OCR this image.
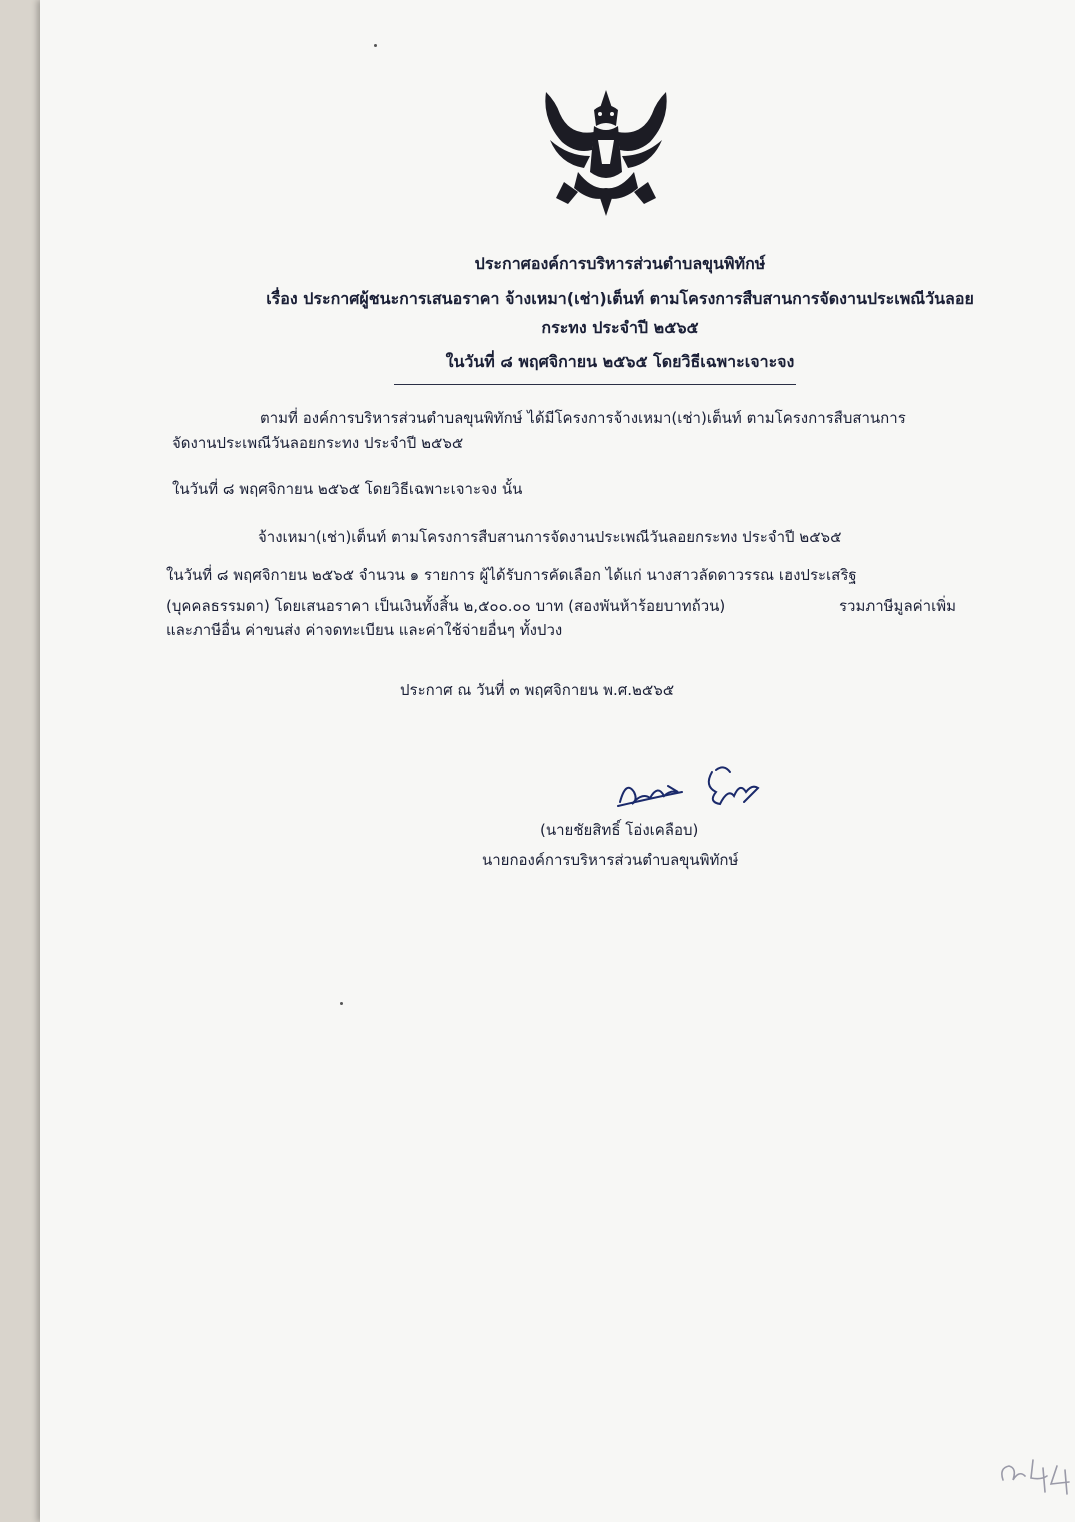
ประกาศองค์การบริหารส่วนตำบลขุนพิทักษ์
เรื่อง ประกาศผู้ชนะการเสนอราคา จ้างเหมา(เช่า)เต็นท์ ตามโครงการสืบสานการจัดงานประเพณีวันลอย
กระทง ประจำปี ๒๕๖๕
ในวันที่ ๘ พฤศจิกายน ๒๕๖๕ โดยวิธีเฉพาะเจาะจง
ตามที่ องค์การบริหารส่วนตำบลขุนพิทักษ์ ได้มีโครงการจ้างเหมา(เช่า)เต็นท์ ตามโครงการสืบสานการ
จัดงานประเพณีวันลอยกระทง ประจำปี ๒๕๖๕
ในวันที่ ๘ พฤศจิกายน ๒๕๖๕ โดยวิธีเฉพาะเจาะจง นั้น
จ้างเหมา(เช่า)เต็นท์ ตามโครงการสืบสานการจัดงานประเพณีวันลอยกระทง ประจำปี ๒๕๖๕
ในวันที่ ๘ พฤศจิกายน ๒๕๖๕ จำนวน ๑ รายการ ผู้ได้รับการคัดเลือก ได้แก่ นางสาวลัดดาวรรณ เฮงประเสริฐ
(บุคคลธรรมดา) โดยเสนอราคา เป็นเงินทั้งสิ้น ๒,๕๐๐.๐๐ บาท (สองพันห้าร้อยบาทถ้วน)	รวมภาษีมูลค่าเพิ่ม
และภาษีอื่น ค่าขนส่ง ค่าจดทะเบียน และค่าใช้จ่ายอื่นๆ ทั้งปวง
ประกาศ ณ วันที่ ๓ พฤศจิกายน พ.ศ.๒๕๖๕
(นายชัยสิทธิ์ โอ่งเคลือบ)
นายกองค์การบริหารส่วนตำบลขุนพิทักษ์
